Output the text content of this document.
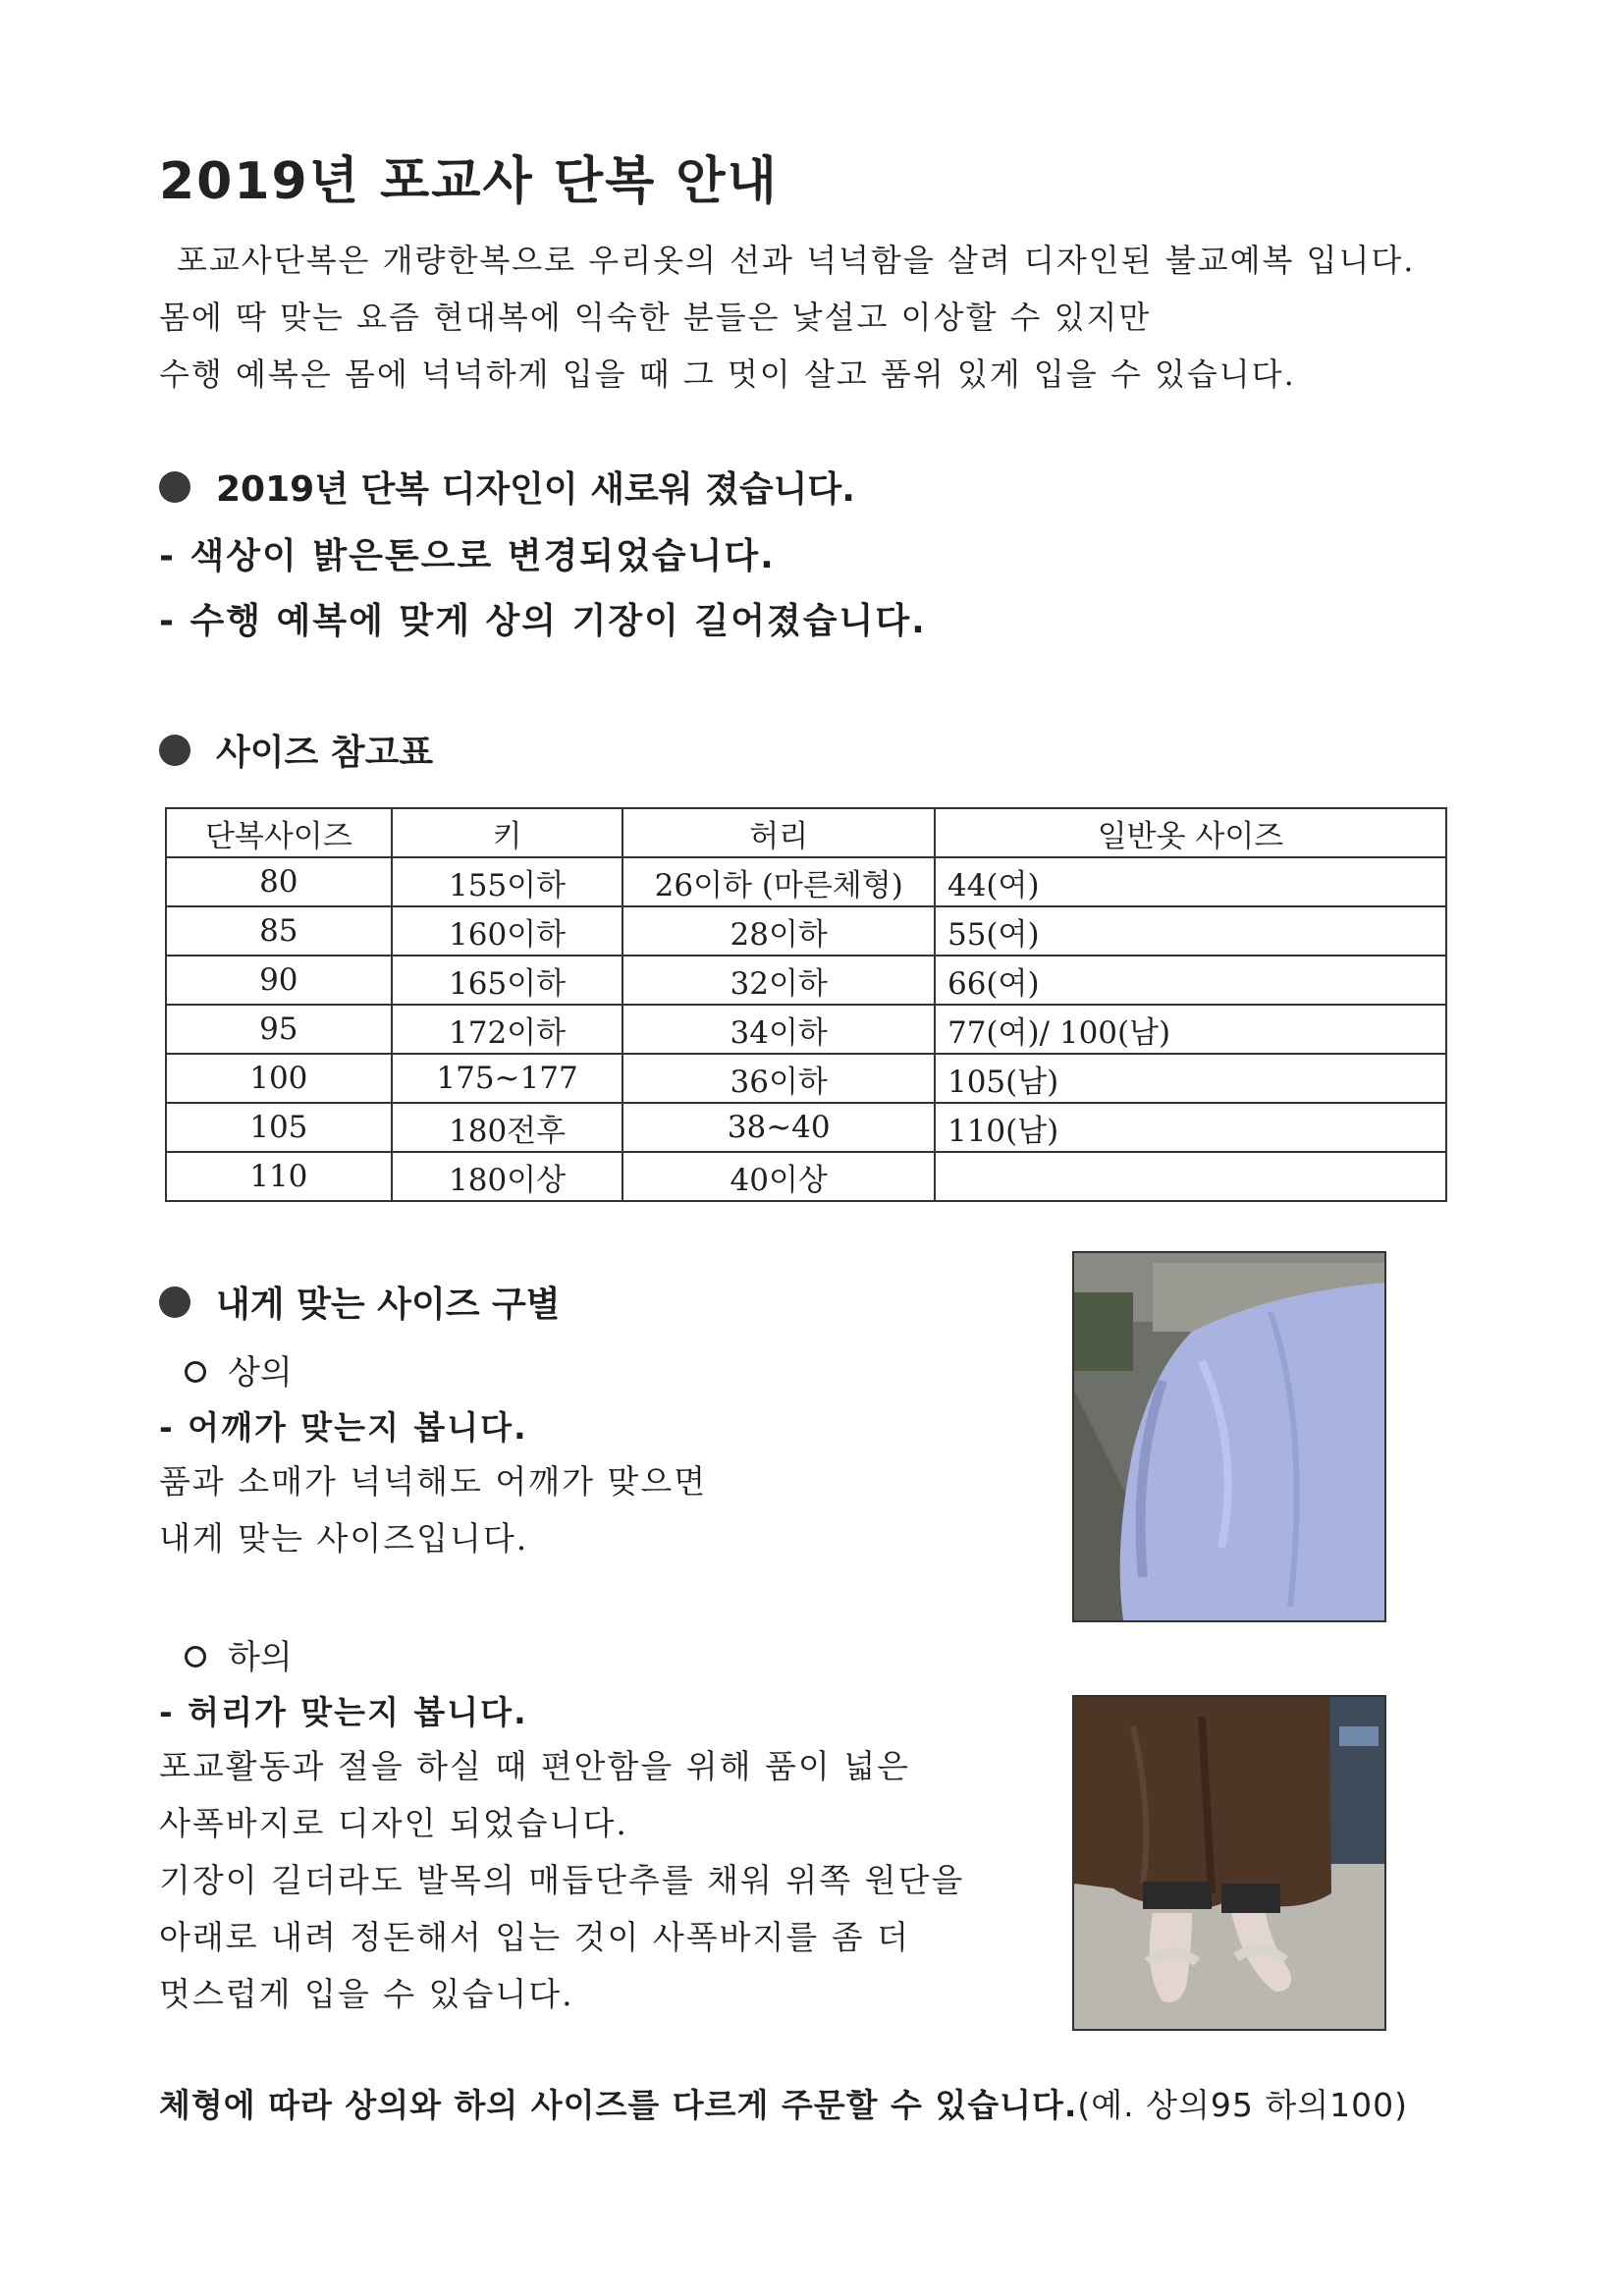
2019년 포교사 단복 안내

포교사단복은 개량한복으로 우리옷의 선과 넉넉함을 살려 디자인된 불교예복 입니다.

몸에 딱 맞는 요즘 현대복에 익숙한 분들은 낯설고 이상할 수 있지만

수행 예복은 몸에 넉넉하게 입을 때 그 멋이 살고 품위 있게 입을 수 있습니다.

2019년 단복 디자인이 새로워 졌습니다.
- 색상이 밝은톤으로 변경되었습니다.
- 수행 예복에 맞게 상의 기장이 길어졌습니다.
사이즈 참고표
단복사이즈	키	허리	일반옷 사이즈
80	155이하	26이하 (마른체형)	44(여)
85	160이하	28이하	55(여)
90	165이하	32이하	66(여)
95	172이하	34이하	77(여)/ 100(남)
100	175~177	36이하	105(남)
105	180전후	38~40	110(남)
110	180이상	40이상	
내게 맞는 사이즈 구별
상의
- 어깨가 맞는지 봅니다.

품과 소매가 넉넉해도 어깨가 맞으면

내게 맞는 사이즈입니다.

하의
- 허리가 맞는지 봅니다.

포교활동과 절을 하실 때 편안함을 위해 품이 넓은

사폭바지로 디자인 되었습니다.

기장이 길더라도 발목의 매듭단추를 채워 위쪽 원단을

아래로 내려 정돈해서 입는 것이 사폭바지를 좀 더

멋스럽게 입을 수 있습니다.

체형에 따라 상의와 하의 사이즈를 다르게 주문할 수 있습니다.(예. 상의95 하의100)
